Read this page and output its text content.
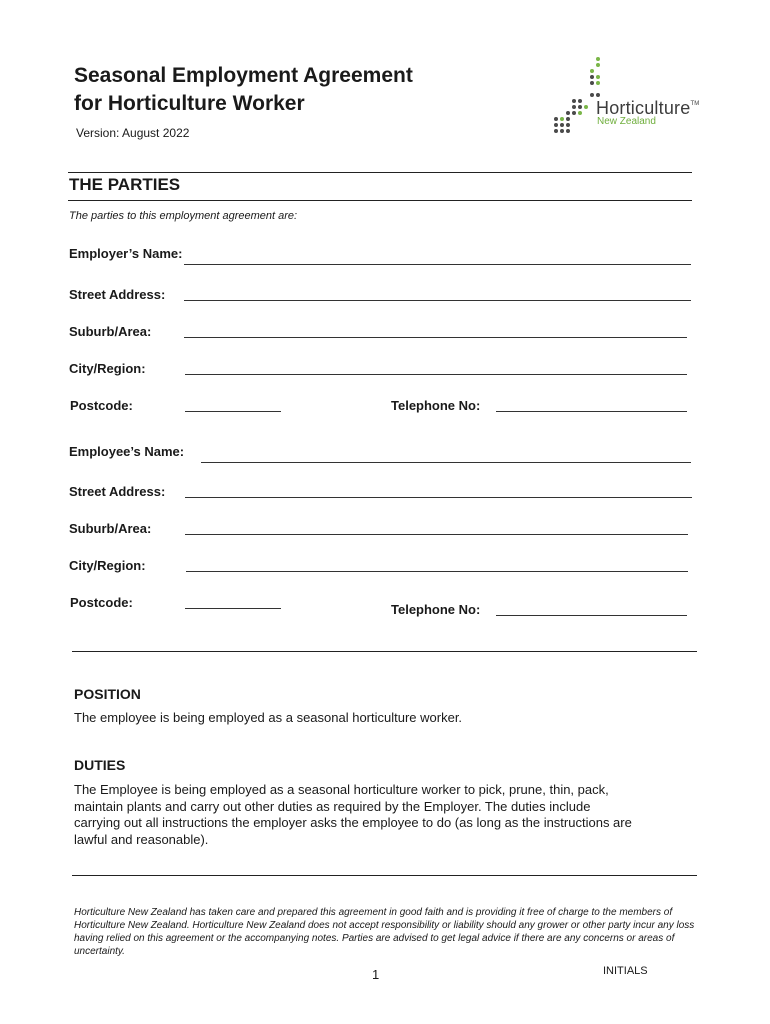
Seasonal Employment Agreement
for Horticulture Worker
Version: August 2022
Horticulture™
New Zealand
THE PARTIES
The parties to this employment agreement are:
Employer’s Name:
Street Address:
Suburb/Area:
City/Region:
Postcode:	Telephone No:
Employee’s Name:
Street Address:
Suburb/Area:
City/Region:
Postcode:	Telephone No:
POSITION

The employee is being employed as a seasonal horticulture worker.

DUTIES

The Employee is being employed as a seasonal horticulture worker to pick, prune, thin, pack,
maintain plants and carry out other duties as required by the Employer. The duties include
carrying out all instructions the employer asks the employee to do (as long as the instructions are
lawful and reasonable).

Horticulture New Zealand has taken care and prepared this agreement in good faith and is providing it free of charge to the members of Horticulture New Zealand. Horticulture New Zealand does not accept responsibility or liability should any grower or other party incur any loss having relied on this agreement or the accompanying notes. Parties are advised to get legal advice if there are any concerns or areas of uncertainty.

1	INITIALS
